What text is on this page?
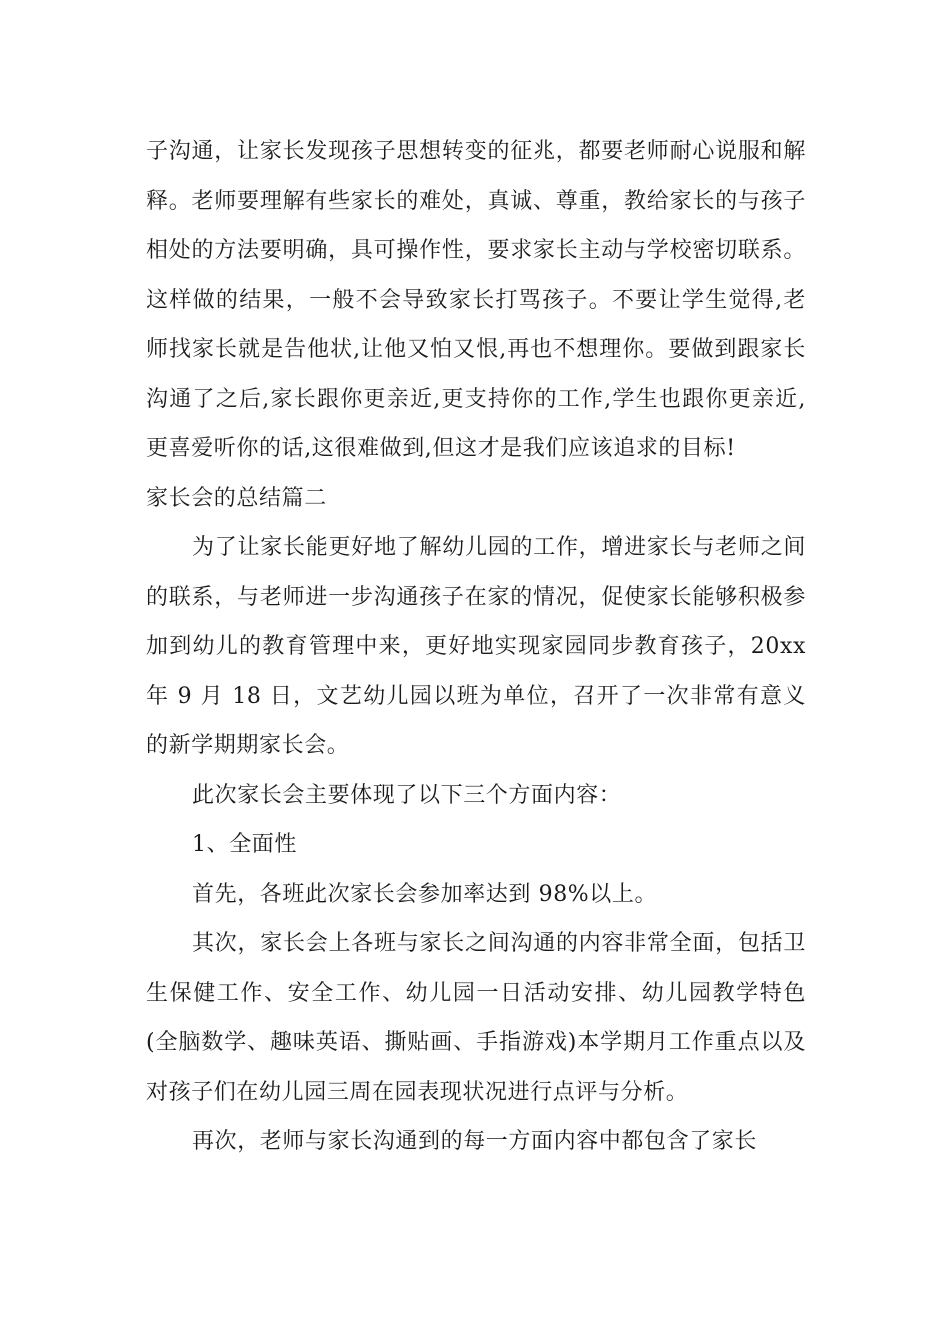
子沟通，让家长发现孩子思想转变的征兆，都要老师耐心说服和解释。老师要理解有些家长的难处，真诚、尊重，教给家长的与孩子相处的方法要明确，具可操作性，要求家长主动与学校密切联系。这样做的结果，一般不会导致家长打骂孩子。不要让学生觉得,老师找家长就是告他状,让他又怕又恨,再也不想理你。要做到跟家长沟通了之后,家长跟你更亲近,更支持你的工作,学生也跟你更亲近,更喜爱听你的话,这很难做到,但这才是我们应该追求的目标!

家长会的总结篇二

为了让家长能更好地了解幼儿园的工作，增进家长与老师之间的联系，与老师进一步沟通孩子在家的情况，促使家长能够积极参加到幼儿的教育管理中来，更好地实现家园同步教育孩子，20xx 年 9 月 18 日，文艺幼儿园以班为单位，召开了一次非常有意义的新学期期家长会。

此次家长会主要体现了以下三个方面内容：

1、全面性

首先，各班此次家长会参加率达到 98%以上。

其次，家长会上各班与家长之间沟通的内容非常全面，包括卫生保健工作、安全工作、幼儿园一日活动安排、幼儿园教学特色(全脑数学、趣味英语、撕贴画、手指游戏)本学期月工作重点以及对孩子们在幼儿园三周在园表现状况进行点评与分析。

再次，老师与家长沟通到的每一方面内容中都包含了家长
